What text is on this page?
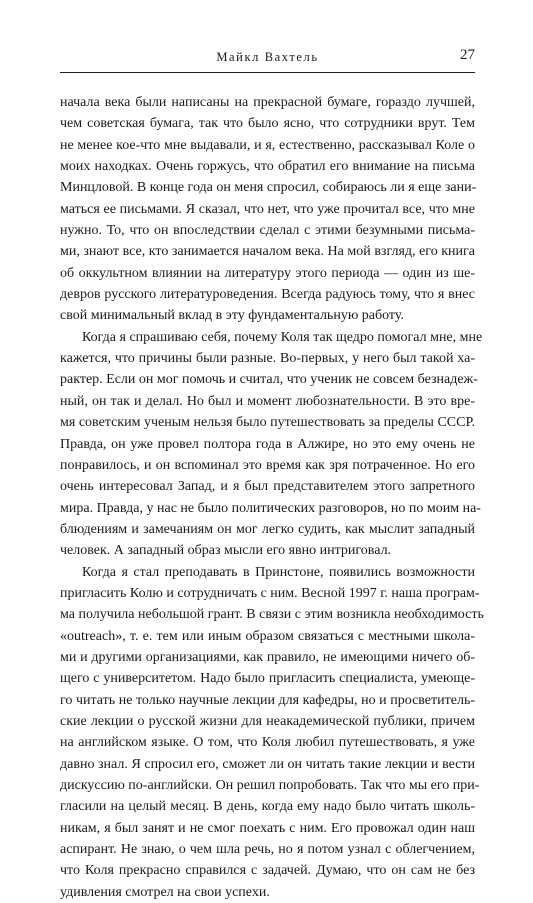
Майкл Вахтель	27
начала века были написаны на прекрасной бумаге, гораздо лучшей,
чем советская бумага, так что было ясно, что сотрудники врут. Тем
не менее кое-что мне выдавали, и я, естественно, рассказывал Коле о
моих находках. Очень горжусь, что обратил его внимание на письма
Минцловой. В конце года он меня спросил, собираюсь ли я еще зани-
маться ее письмами. Я сказал, что нет, что уже прочитал все, что мне
нужно. То, что он впоследствии сделал с этими безумными письма-
ми, знают все, кто занимается началом века. На мой взгляд, его книга
об оккультном влиянии на литературу этого периода — один из ше-
девров русского литературоведения. Всегда радуюсь тому, что я внес
свой минимальный вклад в эту фундаментальную работу.
Когда я спрашиваю себя, почему Коля так щедро помогал мне, мне
кажется, что причины были разные. Во-первых, у него был такой ха-
рактер. Если он мог помочь и считал, что ученик не совсем безнадеж-
ный, он так и делал. Но был и момент любознательности. В это вре-
мя советским ученым нельзя было путешествовать за пределы СССР.
Правда, он уже провел полтора года в Алжире, но это ему очень не
понравилось, и он вспоминал это время как зря потраченное. Но его
очень интересовал Запад, и я был представителем этого запретного
мира. Правда, у нас не было политических разговоров, но по моим на-
блюдениям и замечаниям он мог легко судить, как мыслит западный
человек. А западный образ мысли его явно интриговал.
Когда я стал преподавать в Принстоне, появились возможности
пригласить Колю и сотрудничать с ним. Весной 1997 г. наша програм-
ма получила небольшой грант. В связи с этим возникла необходимость
«outreach», т. е. тем или иным образом связаться с местными школа-
ми и другими организациями, как правило, не имеющими ничего об-
щего с университетом. Надо было пригласить специалиста, умеюще-
го читать не только научные лекции для кафедры, но и просветитель-
ские лекции о русской жизни для неакадемической публики, причем
на английском языке. О том, что Коля любил путешествовать, я уже
давно знал. Я спросил его, сможет ли он читать такие лекции и вести
дискуссию по-английски. Он решил попробовать. Так что мы его при-
гласили на целый месяц. В день, когда ему надо было читать школь-
никам, я был занят и не смог поехать с ним. Его провожал один наш
аспирант. Не знаю, о чем шла речь, но я потом узнал с облегчением,
что Коля прекрасно справился с задачей. Думаю, что он сам не без
удивления смотрел на свои успехи.
